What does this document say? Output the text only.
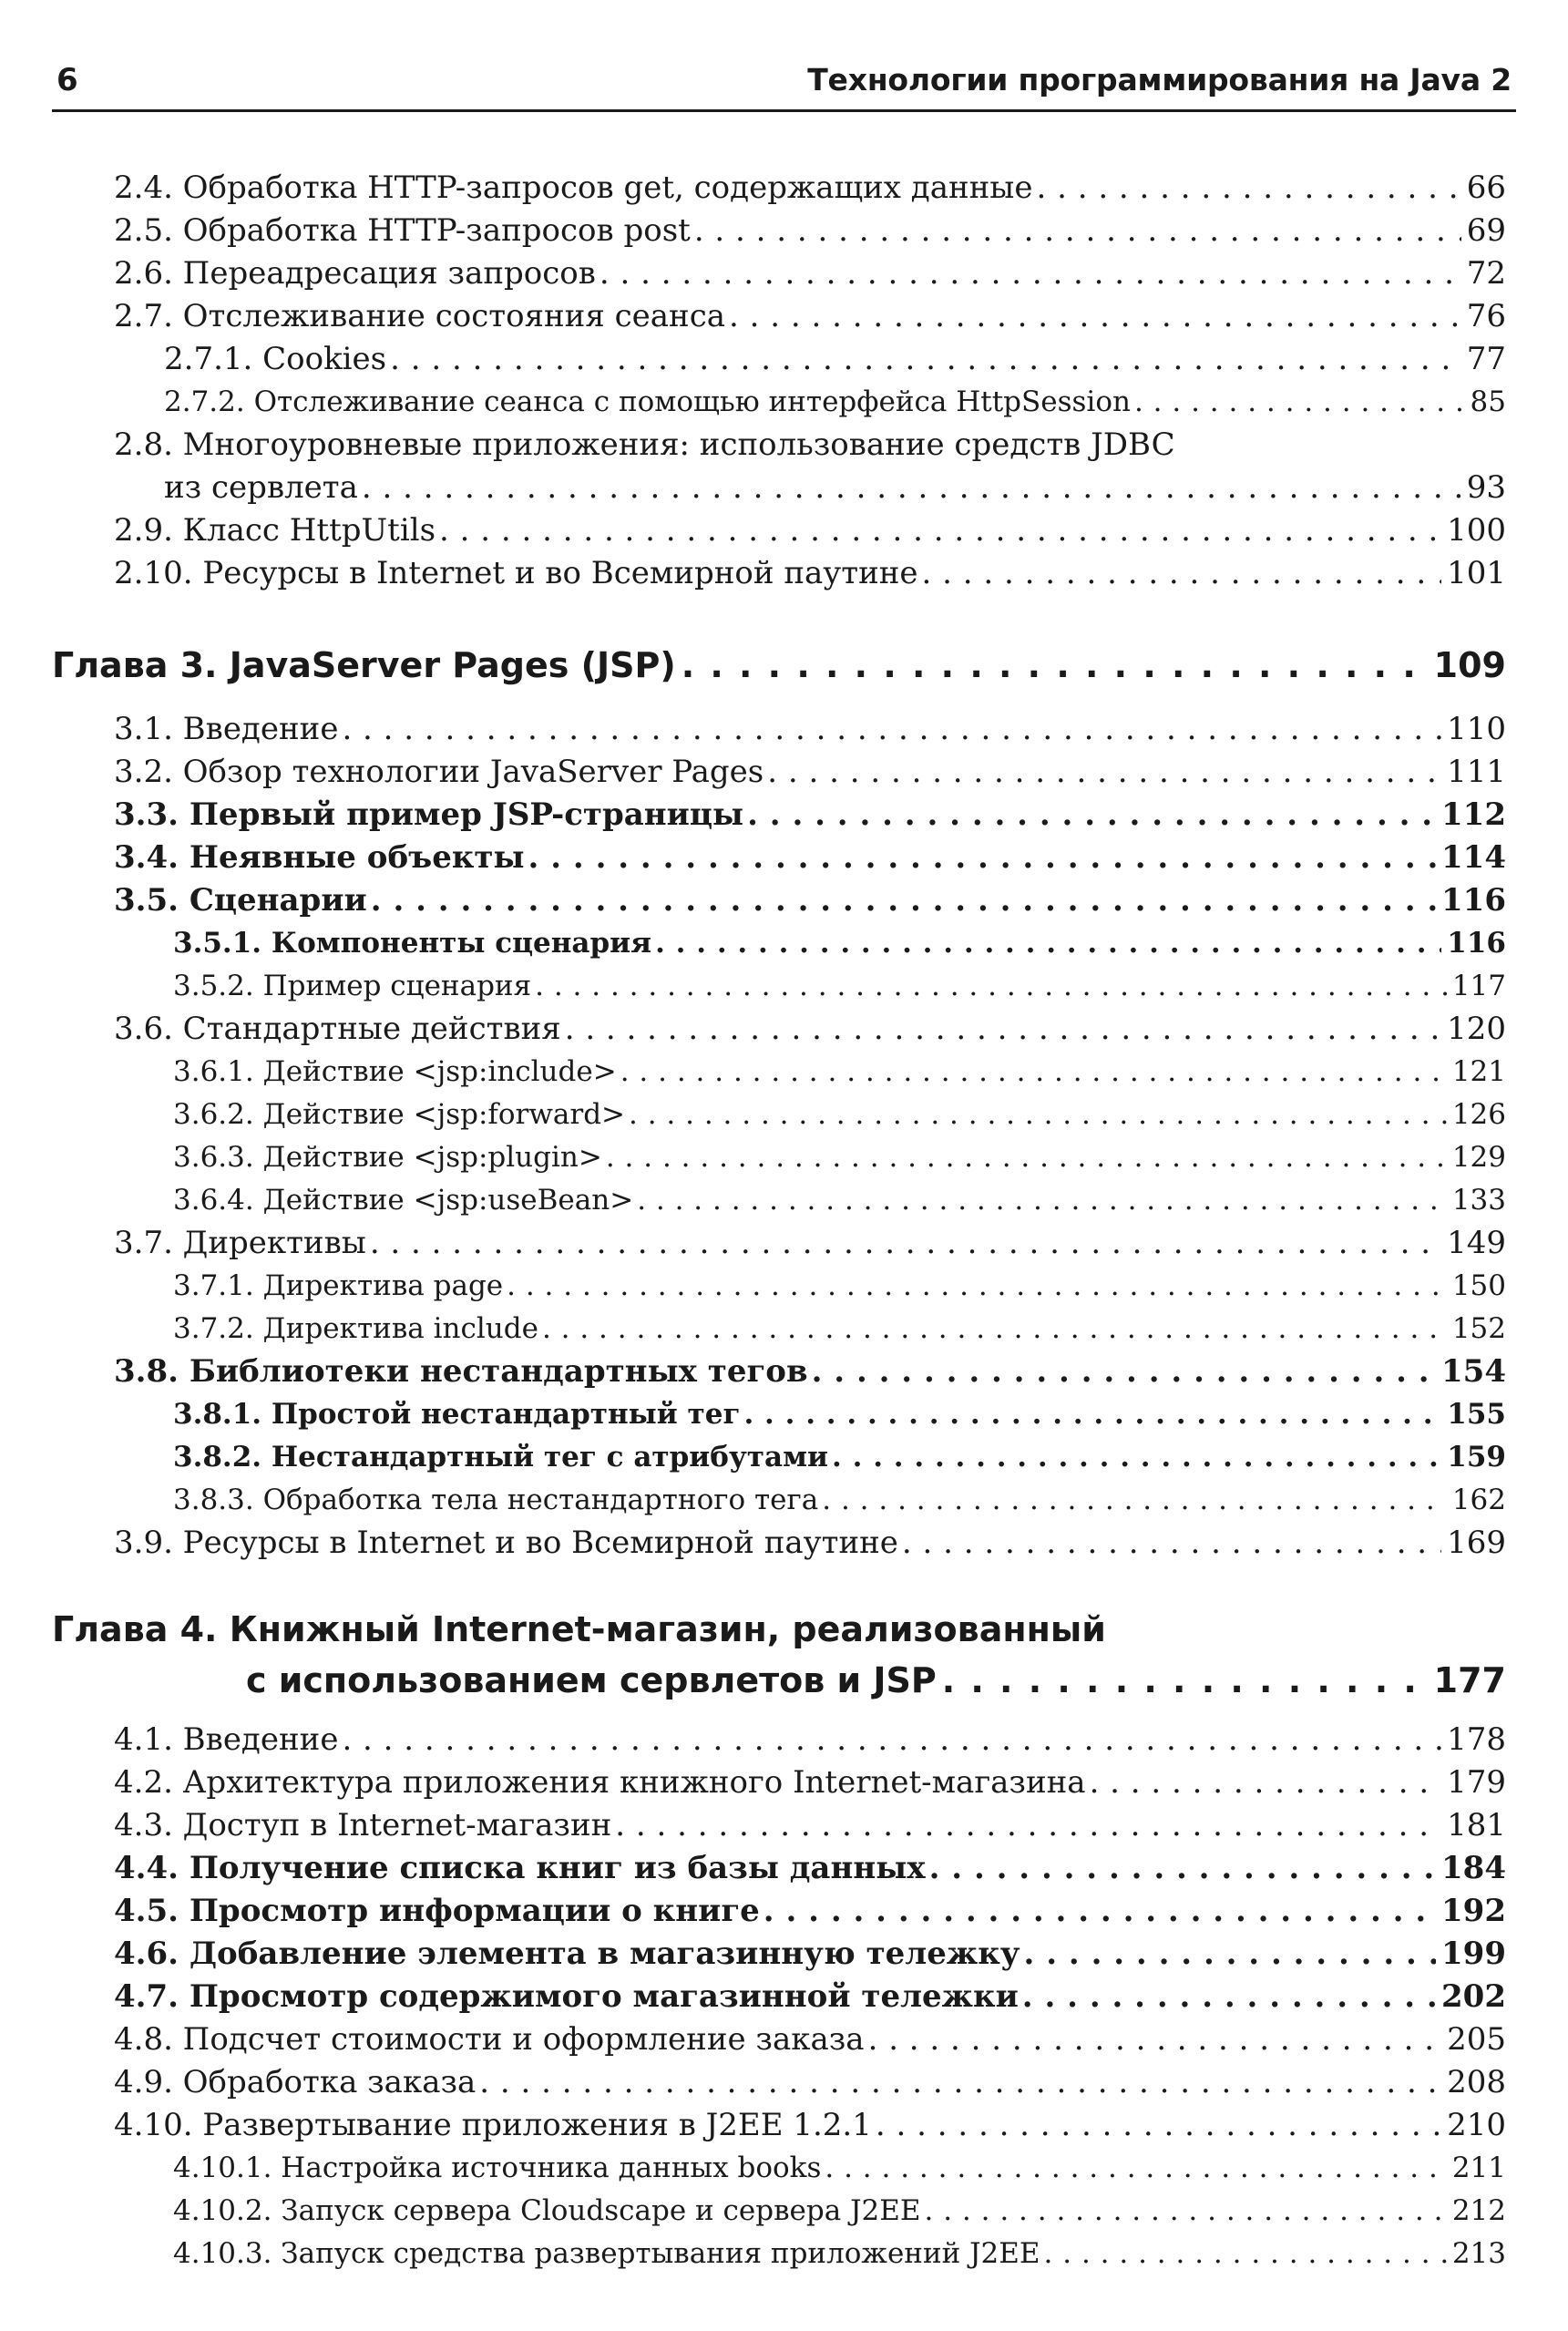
6	Технологии программирования на Java 2
2.4. Обработка HTTP-запросов get, содержащих данные . . .	66
2.5. Обработка HTTP-запросов post . . .	69
2.6. Переадресация запросов . . .	72
2.7. Отслеживание состояния сеанса . . .	76
2.7.1. Cookies . . .	77
2.7.2. Отслеживание сеанса с помощью интерфейса HttpSession . . .	85
2.8. Многоуровневые приложения: использование средств JDBC
из сервлета . . .	93
2.9. Класс HttpUtils . . .	100
2.10. Ресурсы в Internet и во Всемирной паутине . . .	101
Глава 3. JavaServer Pages (JSP) . . .	109
3.1. Введение . . .	110
3.2. Обзор технологии JavaServer Pages . . .	111
3.3. Первый пример JSP-страницы . . .	112
3.4. Неявные объекты . . .	114
3.5. Сценарии . . .	116
3.5.1. Компоненты сценария . . .	116
3.5.2. Пример сценария . . .	117
3.6. Стандартные действия . . .	120
3.6.1. Действие <jsp:include> . . .	121
3.6.2. Действие <jsp:forward> . . .	126
3.6.3. Действие <jsp:plugin> . . .	129
3.6.4. Действие <jsp:useBean> . . .	133
3.7. Директивы . . .	149
3.7.1. Директива page . . .	150
3.7.2. Директива include . . .	152
3.8. Библиотеки нестандартных тегов . . .	154
3.8.1. Простой нестандартный тег . . .	155
3.8.2. Нестандартный тег с атрибутами . . .	159
3.8.3. Обработка тела нестандартного тега . . .	162
3.9. Ресурсы в Internet и во Всемирной паутине . . .	169
Глава 4. Книжный Internet-магазин, реализованный
с использованием сервлетов и JSP . . .	177
4.1. Введение . . .	178
4.2. Архитектура приложения книжного Internet-магазина . . .	179
4.3. Доступ в Internet-магазин . . .	181
4.4. Получение списка книг из базы данных . . .	184
4.5. Просмотр информации о книге . . .	192
4.6. Добавление элемента в магазинную тележку . . .	199
4.7. Просмотр содержимого магазинной тележки . . .	202
4.8. Подсчет стоимости и оформление заказа . . .	205
4.9. Обработка заказа . . .	208
4.10. Развертывание приложения в J2EE 1.2.1 . . .	210
4.10.1. Настройка источника данных books . . .	211
4.10.2. Запуск сервера Cloudscape и сервера J2EE . . .	212
4.10.3. Запуск средства развертывания приложений J2EE . . .	213
